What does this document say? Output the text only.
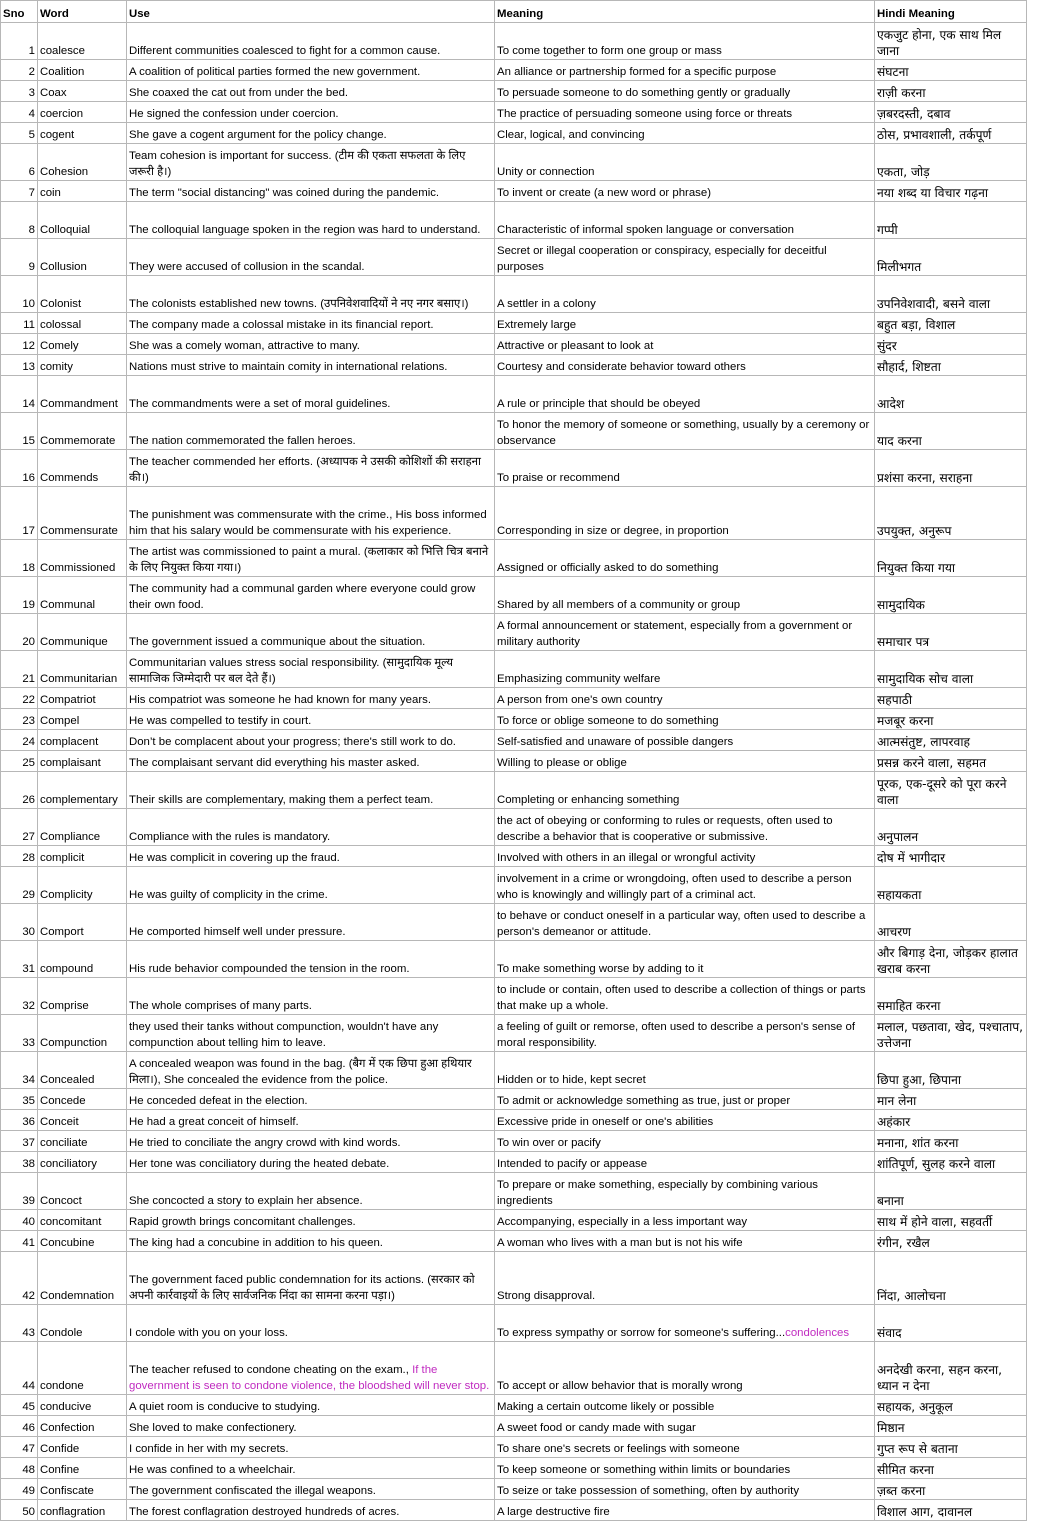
Sno	Word	Use	Meaning	Hindi Meaning
1	coalesce	Different communities coalesced to fight for a common cause.	To come together to form one group or mass	एकजुट होना, एक साथ मिल जाना
2	Coalition	A coalition of political parties formed the new government.	An alliance or partnership formed for a specific purpose	संघटना
3	Coax	She coaxed the cat out from under the bed.	To persuade someone to do something gently or gradually	राज़ी करना
4	coercion	He signed the confession under coercion.	The practice of persuading someone using force or threats	ज़बरदस्ती, दबाव
5	cogent	She gave a cogent argument for the policy change.	Clear, logical, and convincing	ठोस, प्रभावशाली, तर्कपूर्ण
6	Cohesion	Team cohesion is important for success. (टीम की एकता सफलता के लिए जरूरी है।)	Unity or connection	एकता, जोड़
7	coin	The term "social distancing" was coined during the pandemic.	To invent or create (a new word or phrase)	नया शब्द या विचार गढ़ना
8	Colloquial	The colloquial language spoken in the region was hard to understand.	Characteristic of informal spoken language or conversation	गप्पी
9	Collusion	They were accused of collusion in the scandal.	Secret or illegal cooperation or conspiracy, especially for deceitful purposes	मिलीभगत
10	Colonist	The colonists established new towns. (उपनिवेशवादियों ने नए नगर बसाए।)	A settler in a colony	उपनिवेशवादी, बसने वाला
11	colossal	The company made a colossal mistake in its financial report.	Extremely large	बहुत बड़ा, विशाल
12	Comely	She was a comely woman, attractive to many.	Attractive or pleasant to look at	सुंदर
13	comity	Nations must strive to maintain comity in international relations.	Courtesy and considerate behavior toward others	सौहार्द, शिष्टता
14	Commandment	The commandments were a set of moral guidelines.	A rule or principle that should be obeyed	आदेश
15	Commemorate	The nation commemorated the fallen heroes.	To honor the memory of someone or something, usually by a ceremony or observance	याद करना
16	Commends	The teacher commended her efforts. (अध्यापक ने उसकी कोशिशों की सराहना की।)	To praise or recommend	प्रशंसा करना, सराहना
17	Commensurate	The punishment was commensurate with the crime., His boss informed him that his salary would be commensurate with his experience.	Corresponding in size or degree, in proportion	उपयुक्त, अनुरूप
18	Commissioned	The artist was commissioned to paint a mural. (कलाकार को भित्ति चित्र बनाने के लिए नियुक्त किया गया।)	Assigned or officially asked to do something	नियुक्त किया गया
19	Communal	The community had a communal garden where everyone could grow their own food.	Shared by all members of a community or group	सामुदायिक
20	Communique	The government issued a communique about the situation.	A formal announcement or statement, especially from a government or military authority	समाचार पत्र
21	Communitarian	Communitarian values stress social responsibility. (सामुदायिक मूल्य सामाजिक जिम्मेदारी पर बल देते हैं।)	Emphasizing community welfare	सामुदायिक सोच वाला
22	Compatriot	His compatriot was someone he had known for many years.	A person from one's own country	सहपाठी
23	Compel	He was compelled to testify in court.	To force or oblige someone to do something	मजबूर करना
24	complacent	Don’t be complacent about your progress; there's still work to do.	Self-satisfied and unaware of possible dangers	आत्मसंतुष्ट, लापरवाह
25	complaisant	The complaisant servant did everything his master asked.	Willing to please or oblige	प्रसन्न करने वाला, सहमत
26	complementary	Their skills are complementary, making them a perfect team.	Completing or enhancing something	पूरक, एक-दूसरे को पूरा करने वाला
27	Compliance	Compliance with the rules is mandatory.	the act of obeying or conforming to rules or requests, often used to describe a behavior that is cooperative or submissive.	अनुपालन
28	complicit	He was complicit in covering up the fraud.	Involved with others in an illegal or wrongful activity	दोष में भागीदार
29	Complicity	He was guilty of complicity in the crime.	involvement in a crime or wrongdoing, often used to describe a person who is knowingly and willingly part of a criminal act.	सहायकता
30	Comport	He comported himself well under pressure.	to behave or conduct oneself in a particular way, often used to describe a person's demeanor or attitude.	आचरण
31	compound	His rude behavior compounded the tension in the room.	To make something worse by adding to it	और बिगाड़ देना, जोड़कर हालात खराब करना
32	Comprise	The whole comprises of many parts.	to include or contain, often used to describe a collection of things or parts that make up a whole.	समाहित करना
33	Compunction	they used their tanks without compunction, wouldn't have any compunction about telling him to leave.	a feeling of guilt or remorse, often used to describe a person's sense of moral responsibility.	मलाल, पछतावा, खेद, पश्चाताप, उत्तेजना
34	Concealed	A concealed weapon was found in the bag. (बैग में एक छिपा हुआ हथियार मिला।), She concealed the evidence from the police.	Hidden or to hide, kept secret	छिपा हुआ, छिपाना
35	Concede	He conceded defeat in the election.	To admit or acknowledge something as true, just or proper	मान लेना
36	Conceit	He had a great conceit of himself.	Excessive pride in oneself or one's abilities	अहंकार
37	conciliate	He tried to conciliate the angry crowd with kind words.	To win over or pacify	मनाना, शांत करना
38	conciliatory	Her tone was conciliatory during the heated debate.	Intended to pacify or appease	शांतिपूर्ण, सुलह करने वाला
39	Concoct	She concocted a story to explain her absence.	To prepare or make something, especially by combining various ingredients	बनाना
40	concomitant	Rapid growth brings concomitant challenges.	Accompanying, especially in a less important way	साथ में होने वाला, सहवर्ती
41	Concubine	The king had a concubine in addition to his queen.	A woman who lives with a man but is not his wife	रंगीन, रखैल
42	Condemnation	The government faced public condemnation for its actions. (सरकार को अपनी कार्रवाइयों के लिए सार्वजनिक निंदा का सामना करना पड़ा।)	Strong disapproval.	निंदा, आलोचना
43	Condole	I condole with you on your loss.	To express sympathy or sorrow for someone's suffering...condolences	संवाद
44	condone	The teacher refused to condone cheating on the exam., If the government is seen to condone violence, the bloodshed will never stop.	To accept or allow behavior that is morally wrong	अनदेखी करना, सहन करना, ध्यान न देना
45	conducive	A quiet room is conducive to studying.	Making a certain outcome likely or possible	सहायक, अनुकूल
46	Confection	She loved to make confectionery.	A sweet food or candy made with sugar	मिष्ठान
47	Confide	I confide in her with my secrets.	To share one's secrets or feelings with someone	गुप्त रूप से बताना
48	Confine	He was confined to a wheelchair.	To keep someone or something within limits or boundaries	सीमित करना
49	Confiscate	The government confiscated the illegal weapons.	To seize or take possession of something, often by authority	ज़ब्त करना
50	conflagration	The forest conflagration destroyed hundreds of acres.	A large destructive fire	विशाल आग, दावानल
